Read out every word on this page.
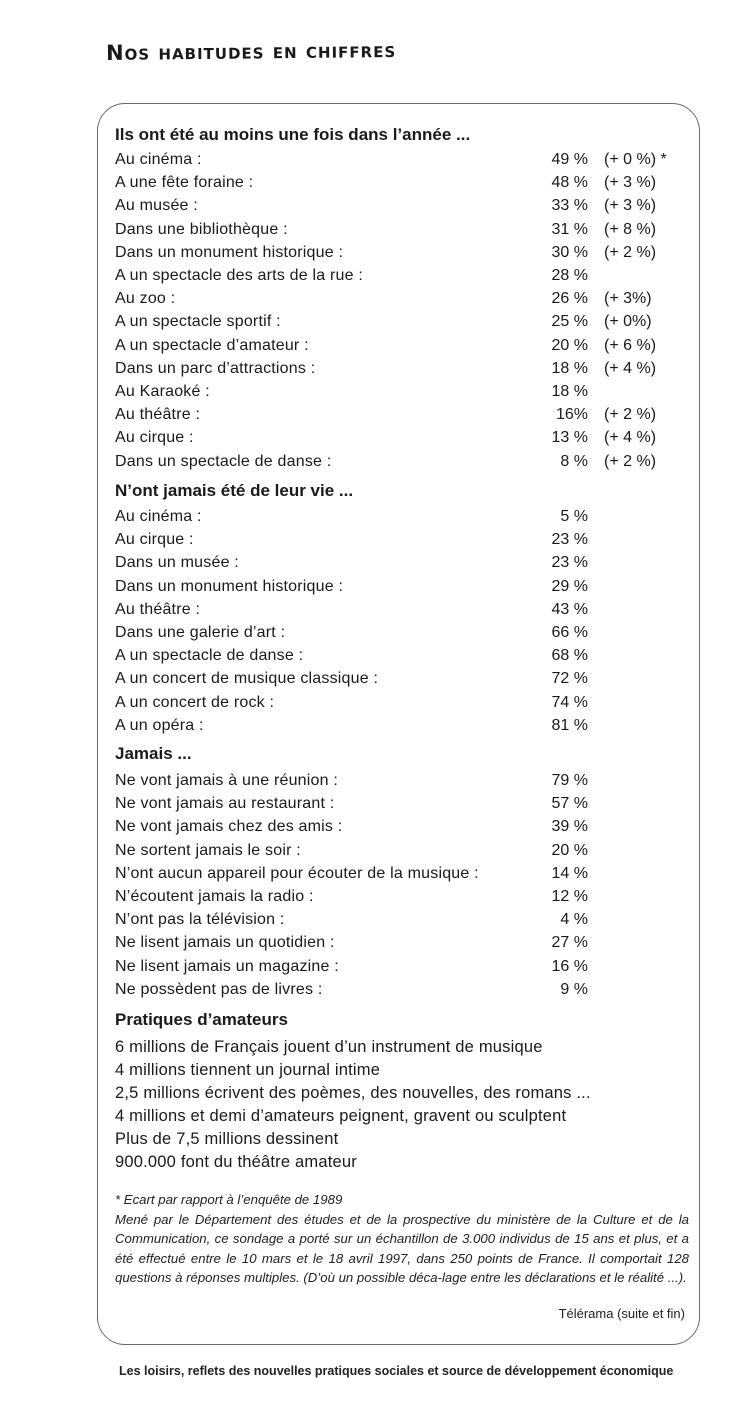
Nos habitudes en chiffres
Ils ont été au moins une fois dans l’année ...
Au cinéma :	49 % (+ 0 %) *
A une fête foraine :	48 % (+ 3 %)
Au musée :	33 % (+ 3 %)
Dans une bibliothèque :	31 % (+ 8 %)
Dans un monument historique :	30 % (+ 2 %)
A un spectacle des arts de la rue :	28 %
Au zoo :	26 % (+ 3%)
A un spectacle sportif :	25 % (+ 0%)
A un spectacle d’amateur :	20 % (+ 6 %)
Dans un parc d’attractions :	18 % (+ 4 %)
Au Karaoké :	18 %
Au théâtre :	16% (+ 2 %)
Au cirque :	13 % (+ 4 %)
Dans un spectacle de danse :	8 % (+ 2 %)
N’ont jamais été de leur vie ...
Au cinéma :	5 %
Au cirque :	23 %
Dans un musée :	23 %
Dans un monument historique :	29 %
Au théâtre :	43 %
Dans une galerie d’art :	66 %
A un spectacle de danse :	68 %
A un concert de musique classique :	72 %
A un concert de rock :	74 %
A un opéra :	81 %
Jamais ...
Ne vont jamais à une réunion :	79 %
Ne vont jamais au restaurant :	57 %
Ne vont jamais chez des amis :	39 %
Ne sortent jamais le soir :	20 %
N’ont aucun appareil pour écouter de la musique :	14 %
N’écoutent jamais la radio :	12 %
N’ont pas la télévision :	4 %
Ne lisent jamais un quotidien :	27 %
Ne lisent jamais un magazine :	16 %
Ne possèdent pas de livres :	9 %
Pratiques d’amateurs
6 millions de Français jouent d’un instrument de musique
4 millions tiennent un journal intime
2,5 millions écrivent des poèmes, des nouvelles, des romans ...
4 millions et demi d’amateurs peignent, gravent ou sculptent
Plus de 7,5 millions dessinent
900.000 font du théâtre amateur

* Ecart par rapport à l’enquête de 1989

Mené par le Département des études et de la prospective du ministère de la Culture et de la Communication, ce sondage a porté sur un échantillon de 3.000 individus de 15 ans et plus, et a été effectué entre le 10 mars et le 18 avril 1997, dans 250 points de France. Il comportait 128 questions à réponses multiples. (D’où un possible déca-lage entre les déclarations et le réalité ...).

Télérama (suite et fin)
Les loisirs, reflets des nouvelles pratiques sociales et source de développement économique
